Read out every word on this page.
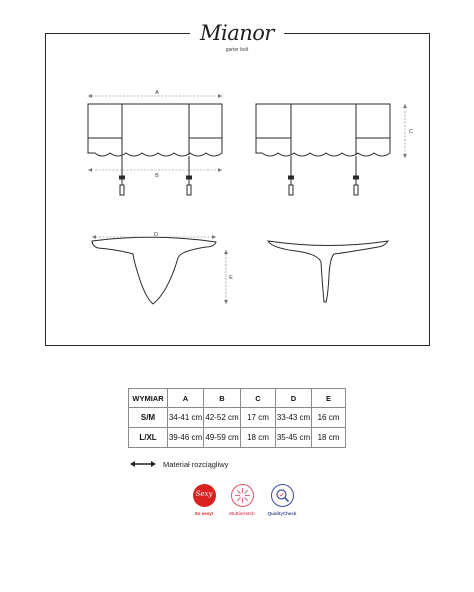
Mianor
garter belt
A
B
C
D
E
WYMIAR	A	B	C	D	E
S/M	34-41 cm	42-52 cm	17 cm	33-43 cm	16 cm
L/XL	39-46 cm	49-59 cm	18 cm	35-45 cm	18 cm
Materiał rozciągliwy
Sexy
So sexy!	Multistretch	QualityCheck
